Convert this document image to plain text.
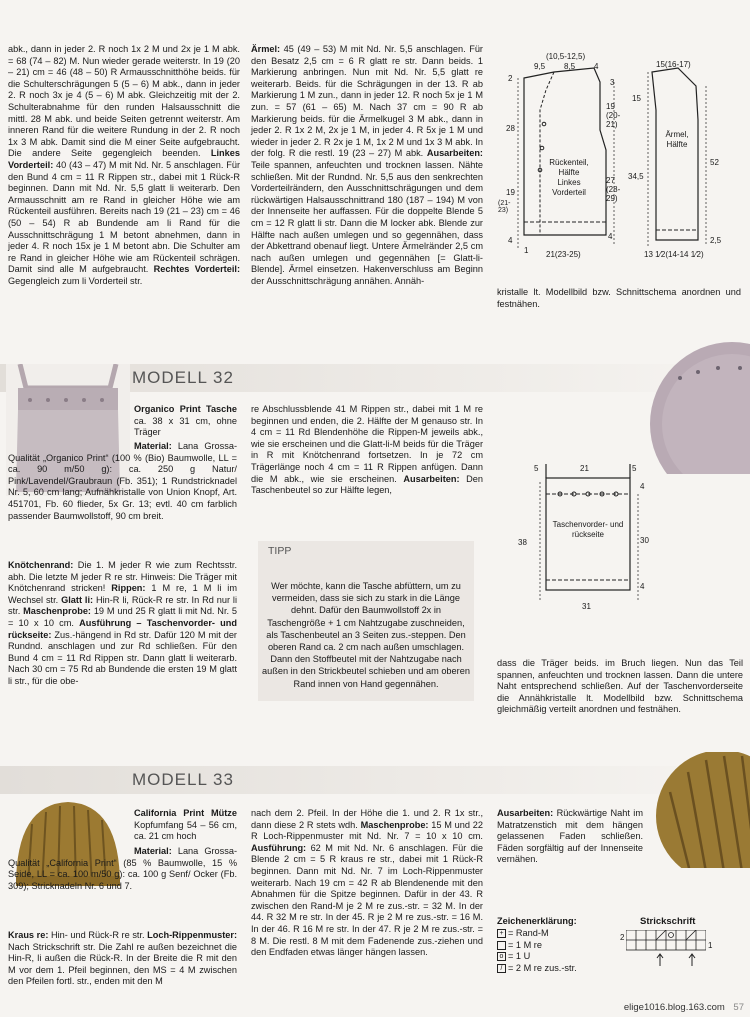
abk., dann in jeder 2. R noch 1x 2 M und 2x je 1 M abk. = 68 (74 – 82) M. Nun wieder gerade weiterstr. In 19 (20 – 21) cm = 46 (48 – 50) R Armausschnitthöhe beids. für die Schulterschrägungen 5 (5 – 6) M abk., dann in jeder 2. R noch 3x je 4 (5 – 6) M abk. Gleichzeitig mit der 2. Schulterabnahme für den runden Halsausschnitt die mittl. 28 M abk. und beide Seiten getrennt weiterstr. Am inneren Rand für die weitere Rundung in der 2. R noch 1x 3 M abk. Damit sind die M einer Seite aufgebraucht. Die andere Seite gegengleich beenden. Linkes Vorderteil: 40 (43 – 47) M mit Nd. Nr. 5 anschlagen. Für den Bund 4 cm = 11 R Rippen str., dabei mit 1 Rück-R beginnen. Dann mit Nd. Nr. 5,5 glatt li weiterarb. Den Armausschnitt am re Rand in gleicher Höhe wie am Rückenteil ausführen. Bereits nach 19 (21 – 23) cm = 46 (50 – 54) R ab Bundende am li Rand für die Ausschnittschrägung 1 M betont abnehmen, dann in jeder 4. R noch 15x je 1 M betont abn. Die Schulter am re Rand in gleicher Höhe wie am Rückenteil schrägen. Damit sind alle M aufgebraucht. Rechtes Vorderteil: Gegengleich zum li Vorderteil str.
Ärmel: 45 (49 – 53) M mit Nd. Nr. 5,5 anschlagen. Für den Besatz 2,5 cm = 6 R glatt re str. Dann beids. 1 Markierung anbringen. Nun mit Nd. Nr. 5,5 glatt re weiterarb. Beids. für die Schrägungen in der 13. R ab Markierung 1 M zun., dann in jeder 12. R noch 5x je 1 M zun. = 57 (61 – 65) M. Nach 37 cm = 90 R ab Markierung beids. für die Ärmelkugel 3 M abk., dann in jeder 2. R 1x 2 M, 2x je 1 M, in jeder 4. R 5x je 1 M und wieder in jeder 2. R 2x je 1 M, 1x 2 M und 1x 3 M abk. In der folg. R die restl. 19 (23 – 27) M abk. Ausarbeiten: Teile spannen, anfeuchten und trocknen lassen. Nähte schließen. Mit der Rundnd. Nr. 5,5 aus den senkrechten Vorderteilrändern, den Ausschnittschrägungen und dem rückwärtigen Halsausschnittrand 180 (187 – 194) M von der Innenseite her auffassen. Für die doppelte Blende 5 cm = 12 R glatt li str. Dann die M locker abk. Blende zur Hälfte nach außen umlegen und so gegennähen, dass der Abkettrand obenauf liegt. Untere Ärmelränder 2,5 cm nach außen umlegen und gegennähen [= Glatt-li-Blende]. Ärmel einsetzen. Hakenverschluss am Beginn der Ausschnittschrägung annähen. Annäh-
(10,5-12,5)
9,5 8,5 4
2
28
19
(21-23)
4
1
3
19 (20-21)
27 (28-29)
4
Rückenteil, Hälfte Linkes Vorderteil
21(23-25)
15(16-17)
15
34,5
52
2,5
Ärmel, Hälfte
13 1⁄2(14-14 1⁄2)
kristalle lt. Modellbild bzw. Schnittschema anordnen und festnähen.
MODELL 32
Organico Print Tasche ca. 38 x 31 cm, ohne Träger
Material: Lana Grossa-Qualität „Organico Print“ (100 % (Bio) Baumwolle, LL = ca. 90 m/50 g): ca. 250 g Natur/ Pink/Lavendel/Graubraun (Fb. 351); 1 Rundstricknadel Nr. 5, 60 cm lang; Aufnähkristalle von Union Knopf, Art. 451701, Fb. 60 flieder, 5x Gr. 13; evtl. 40 cm farblich passender Baumwollstoff, 90 cm breit.
Knötchenrand: Die 1. M jeder R wie zum Rechtsstr. abh. Die letzte M jeder R re str. Hinweis: Die Träger mit Knötchenrand stricken! Rippen: 1 M re, 1 M li im Wechsel str. Glatt li: Hin-R li, Rück-R re str. In Rd nur li str. Maschenprobe: 19 M und 25 R glatt li mit Nd. Nr. 5 = 10 x 10 cm. Ausführung – Taschenvorder- und rückseite: Zus.-hängend in Rd str. Dafür 120 M mit der Rundnd. anschlagen und zur Rd schließen. Für den Bund 4 cm = 11 Rd Rippen str. Dann glatt li weiterarb. Nach 30 cm = 75 Rd ab Bundende die ersten 19 M glatt li str., für die obe-
re Abschlussblende 41 M Rippen str., dabei mit 1 M re beginnen und enden, die 2. Hälfte der M genauso str. In 4 cm = 11 Rd Blendenhöhe die Rippen-M jeweils abk., wie sie erscheinen und die Glatt-li-M beids für die Träger in R mit Knötchenrand fortsetzen. In je 72 cm Trägerlänge noch 4 cm = 11 R Rippen anfügen. Dann die M abk., wie sie erscheinen. Ausarbeiten: Den Taschenbeutel so zur Hälfte legen,
TIPP
Wer möchte, kann die Tasche abfüttern, um zu vermeiden, dass sie sich zu stark in die Länge dehnt. Dafür den Baumwollstoff 2x in Taschengröße + 1 cm Nahtzugabe zuschneiden, als Taschenbeutel an 3 Seiten zus.-steppen. Den oberen Rand ca. 2 cm nach außen umschlagen. Dann den Stoffbeutel mit der Nahtzugabe nach außen in den Strickbeutel schieben und am oberen Rand innen von Hand gegennähen.
5	21	5
4
38	30
4
Taschenvorder- und rückseite
31
dass die Träger beids. im Bruch liegen. Nun das Teil spannen, anfeuchten und trocknen lassen. Dann die untere Naht entsprechend schließen. Auf der Taschenvorderseite die Annähkristalle lt. Modellbild bzw. Schnittschema gleichmäßig verteilt anordnen und festnähen.
MODELL 33
California Print Mütze Kopfumfang 54 – 56 cm, ca. 21 cm hoch
Material: Lana Grossa-Qualität „California Print“ (85 % Baumwolle, 15 % Seide, LL = ca. 100 m/50 g): ca. 100 g Senf/ Ocker (Fb. 309); Stricknadeln Nr. 6 und 7.
Kraus re: Hin- und Rück-R re str. Loch-Rippenmuster: Nach Strickschrift str. Die Zahl re außen bezeichnet die Hin-R, li außen die Rück-R. In der Breite die R mit den M vor dem 1. Pfeil beginnen, den MS = 4 M zwischen den Pfeilen fortl. str., enden mit den M
nach dem 2. Pfeil. In der Höhe die 1. und 2. R 1x str., dann diese 2 R stets wdh. Maschenprobe: 15 M und 22 R Loch-Rippenmuster mit Nd. Nr. 7 = 10 x 10 cm. Ausführung: 62 M mit Nd. Nr. 6 anschlagen. Für die Blende 2 cm = 5 R kraus re str., dabei mit 1 Rück-R beginnen. Dann mit Nd. Nr. 7 im Loch-Rippenmuster weiterarb. Nach 19 cm = 42 R ab Blendenende mit den Abnahmen für die Spitze beginnen. Dafür in der 43. R zwischen den Rand-M je 2 M re zus.-str. = 32 M. In der 44. R 32 M re str. In der 45. R je 2 M re zus.-str. = 16 M. In der 46. R 16 M re str. In der 47. R je 2 M re zus.-str. = 8 M. Die restl. 8 M mit dem Fadenende zus.-ziehen und den Endfaden etwas länger hängen lassen.
Ausarbeiten: Rückwärtige Naht im Matratzenstich mit dem hängen gelassenen Faden schließen. Fäden sorgfältig auf der Innenseite vernähen.
Zeichenerklärung:
+ = Rand-M
= 1 M re
o = 1 U
/ = 2 M re zus.-str.
Strickschrift
2
1
elige1016.blog.163.com 57
